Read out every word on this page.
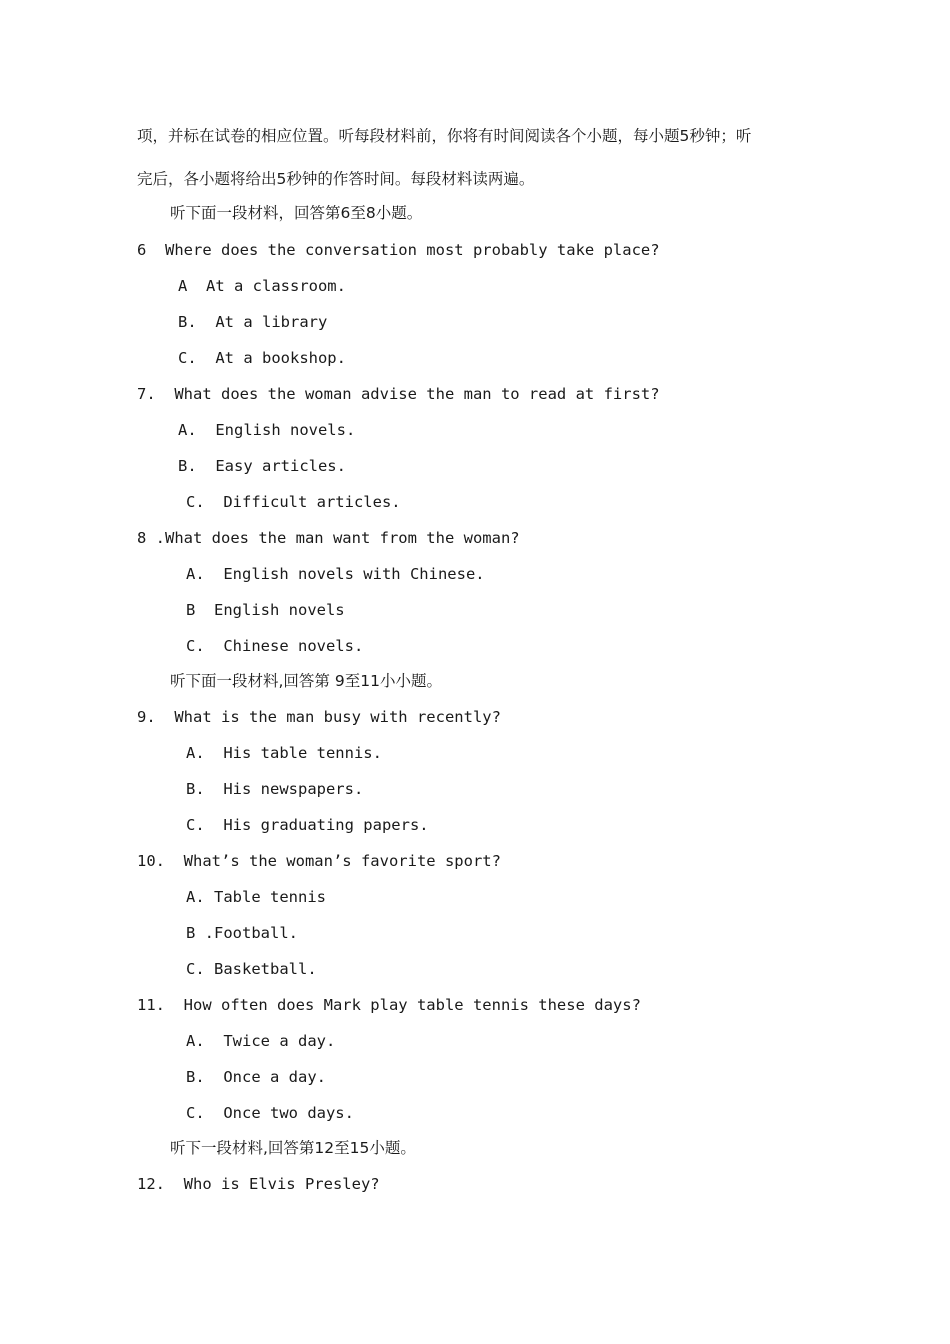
项，并标在试卷的相应位置。听每段材料前，你将有时间阅读各个小题，每小题5秒钟；听
完后，各小题将给出5秒钟的作答时间。每段材料读两遍。
听下面一段材料，回答第6至8小题。
6  Where does the conversation most probably take place?
A  At a classroom.
B.  At a library
C.  At a bookshop.
7.  What does the woman advise the man to read at first?
A.  English novels.
B.  Easy articles.
C.  Difficult articles.
8 .What does the man want from the woman?
A.  English novels with Chinese.
B  English novels
C.  Chinese novels.
听下面一段材料,回答第 9至11小小题。
9.  What is the man busy with recently?
A.  His table tennis.
B.  His newspapers.
C.  His graduating papers.
10.  What’s the woman’s favorite sport?
A. Table tennis
B .Football.
C. Basketball.
11.  How often does Mark play table tennis these days?
A.  Twice a day.
B.  Once a day.
C.  Once two days.
听下一段材料,回答第12至15小题。
12.  Who is Elvis Presley?
